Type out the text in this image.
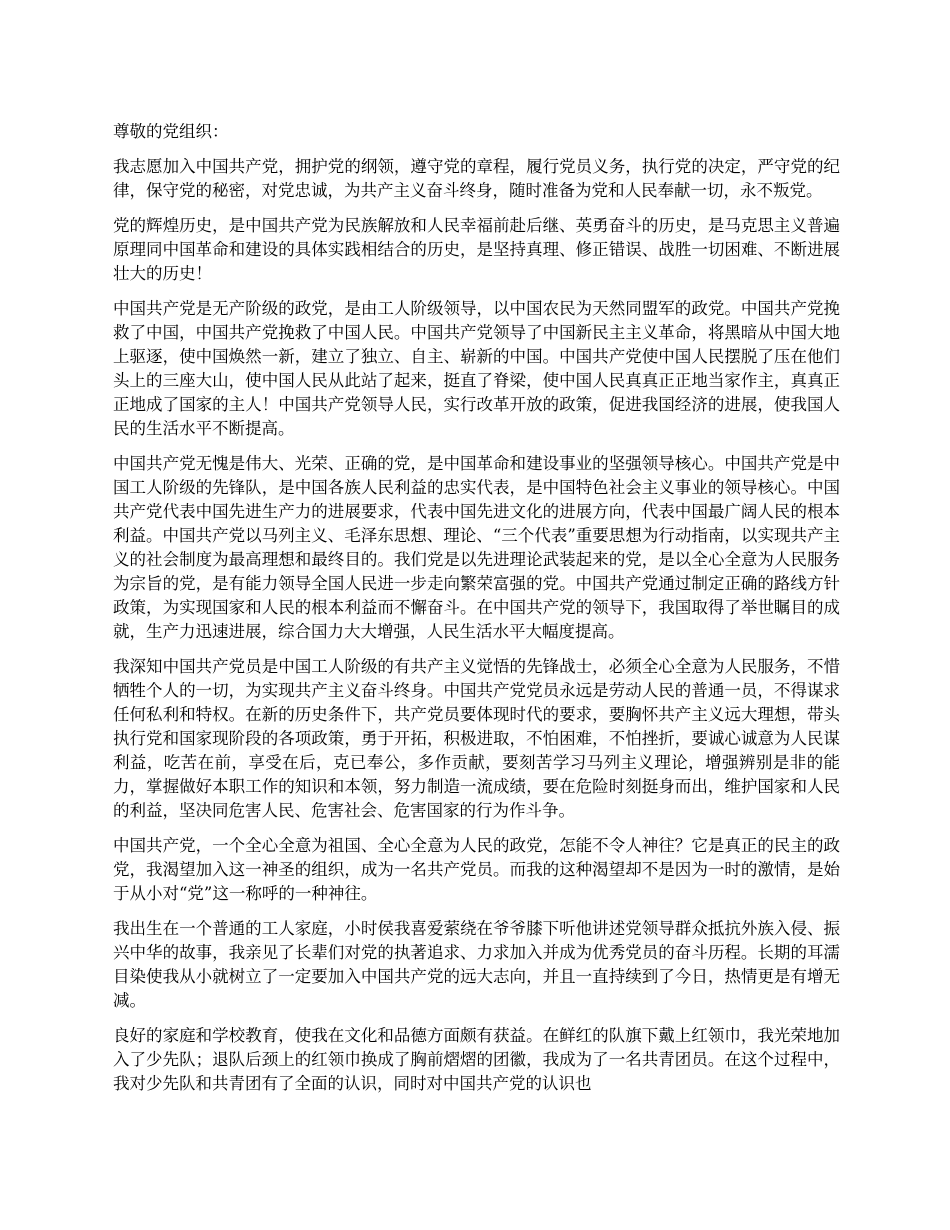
尊敬的党组织：

我志愿加入中国共产党，拥护党的纲领，遵守党的章程，履行党员义务，执行党的决定，严守党的纪律，保守党的秘密，对党忠诚，为共产主义奋斗终身，随时准备为党和人民奉献一切，永不叛党。

党的辉煌历史，是中国共产党为民族解放和人民幸福前赴后继、英勇奋斗的历史，是马克思主义普遍原理同中国革命和建设的具体实践相结合的历史，是坚持真理、修正错误、战胜一切困难、不断进展壮大的历史！

中国共产党是无产阶级的政党，是由工人阶级领导，以中国农民为天然同盟军的政党。中国共产党挽救了中国，中国共产党挽救了中国人民。中国共产党领导了中国新民主主义革命，将黑暗从中国大地上驱逐，使中国焕然一新，建立了独立、自主、崭新的中国。中国共产党使中国人民摆脱了压在他们头上的三座大山，使中国人民从此站了起来，挺直了脊梁，使中国人民真真正正地当家作主，真真正正地成了国家的主人！中国共产党领导人民，实行改革开放的政策，促进我国经济的进展，使我国人民的生活水平不断提高。

中国共产党无愧是伟大、光荣、正确的党，是中国革命和建设事业的坚强领导核心。中国共产党是中国工人阶级的先锋队，是中国各族人民利益的忠实代表，是中国特色社会主义事业的领导核心。中国共产党代表中国先进生产力的进展要求，代表中国先进文化的进展方向，代表中国最广阔人民的根本利益。中国共产党以马列主义、毛泽东思想、理论、“三个代表”重要思想为行动指南，以实现共产主义的社会制度为最高理想和最终目的。我们党是以先进理论武装起来的党，是以全心全意为人民服务为宗旨的党，是有能力领导全国人民进一步走向繁荣富强的党。中国共产党通过制定正确的路线方针政策，为实现国家和人民的根本利益而不懈奋斗。在中国共产党的领导下，我国取得了举世瞩目的成就，生产力迅速进展，综合国力大大增强，人民生活水平大幅度提高。

我深知中国共产党员是中国工人阶级的有共产主义觉悟的先锋战士，必须全心全意为人民服务，不惜牺牲个人的一切，为实现共产主义奋斗终身。中国共产党党员永远是劳动人民的普通一员，不得谋求任何私利和特权。在新的历史条件下，共产党员要体现时代的要求，要胸怀共产主义远大理想，带头执行党和国家现阶段的各项政策，勇于开拓，积极进取，不怕困难，不怕挫折，要诚心诚意为人民谋利益，吃苦在前，享受在后，克已奉公，多作贡献，要刻苦学习马列主义理论，增强辨别是非的能力，掌握做好本职工作的知识和本领，努力制造一流成绩，要在危险时刻挺身而出，维护国家和人民的利益，坚决同危害人民、危害社会、危害国家的行为作斗争。

中国共产党，一个全心全意为祖国、全心全意为人民的政党，怎能不令人神往？它是真正的民主的政党，我渴望加入这一神圣的组织，成为一名共产党员。而我的这种渴望却不是因为一时的激情，是始于从小对“党”这一称呼的一种神往。

我出生在一个普通的工人家庭，小时侯我喜爱萦绕在爷爷膝下听他讲述党领导群众抵抗外族入侵、振兴中华的故事，我亲见了长辈们对党的执著追求、力求加入并成为优秀党员的奋斗历程。长期的耳濡目染使我从小就树立了一定要加入中国共产党的远大志向，并且一直持续到了今日，热情更是有增无减。

良好的家庭和学校教育，使我在文化和品德方面颇有获益。在鲜红的队旗下戴上红领巾，我光荣地加入了少先队；退队后颈上的红领巾换成了胸前熠熠的团徽，我成为了一名共青团员。在这个过程中，我对少先队和共青团有了全面的认识，同时对中国共产党的认识也
